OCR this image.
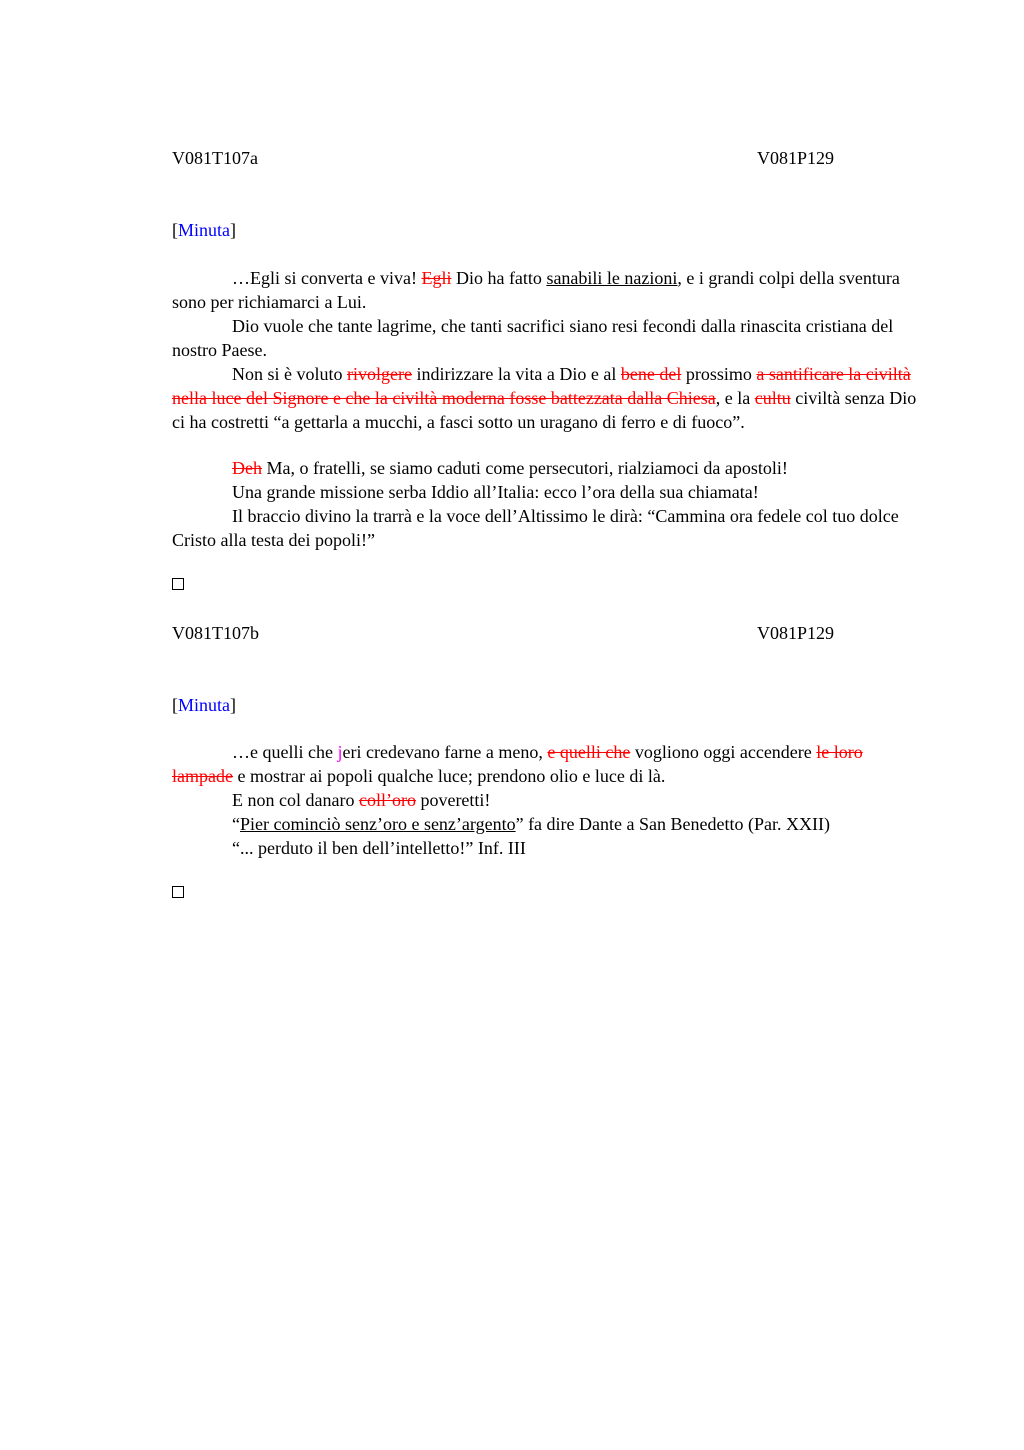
V081T107a	V081P129
[Minuta]
…Egli si converta e viva! Egli Dio ha fatto sanabili le nazioni, e i grandi colpi della sventura sono per richiamarci a Lui.
Dio vuole che tante lagrime, che tanti sacrifici siano resi fecondi dalla rinascita cristiana del nostro Paese.
Non si è voluto rivolgere indirizzare la vita a Dio e al bene del prossimo a santificare la civiltà nella luce del Signore e che la civiltà moderna fosse battezzata dalla Chiesa, e la cultu civiltà senza Dio ci ha costretti “a gettarla a mucchi, a fasci sotto un uragano di ferro e di fuoco”.
Deh Ma, o fratelli, se siamo caduti come persecutori, rialziamoci da apostoli!
Una grande missione serba Iddio all’Italia: ecco l’ora della sua chiamata!
Il braccio divino la trarrà e la voce dell’Altissimo le dirà: “Cammina ora fedele col tuo dolce Cristo alla testa dei popoli!”
V081T107b	V081P129
[Minuta]
…e quelli che jeri credevano farne a meno, e quelli che vogliono oggi accendere le loro lampade e mostrar ai popoli qualche luce; prendono olio e luce di là.
E non col danaro coll’oro poveretti!
“Pier cominciò senz’oro e senz’argento” fa dire Dante a San Benedetto (Par. XXII)
“... perduto il ben dell’intelletto!” Inf. III
